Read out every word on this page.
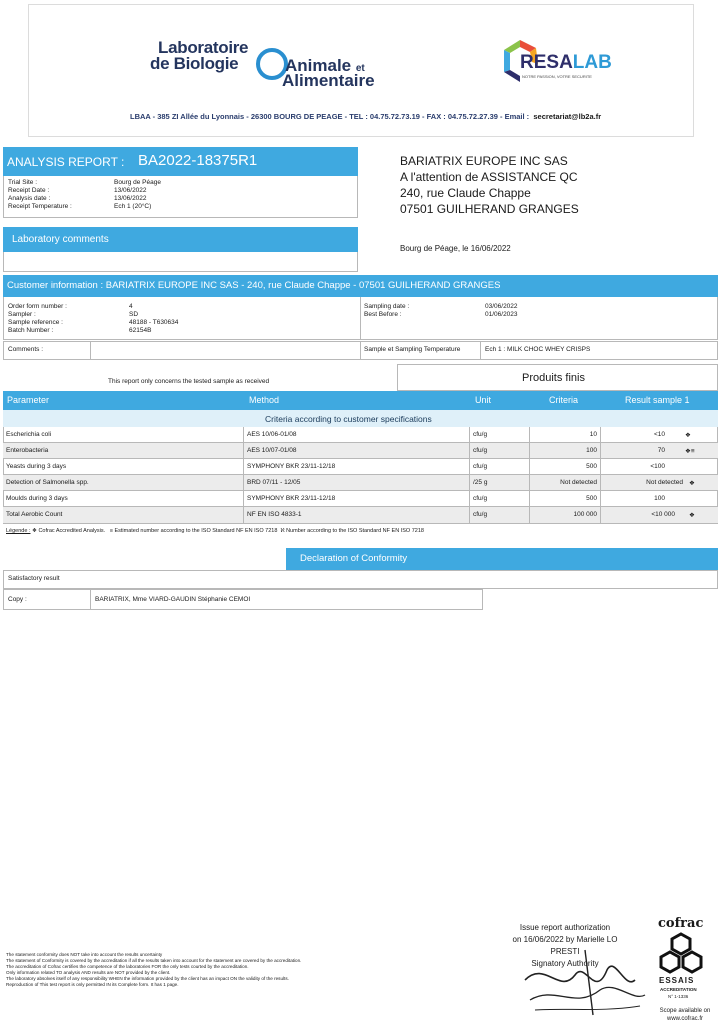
Laboratoire
de Biologie	Animale et
Alimentaire
RESALAB
NOTRE PASSION, VOTRE SECURITE
LBAA - 385 ZI Allée du Lyonnais - 26300 BOURG DE PEAGE - TEL : 04.75.72.73.19 - FAX : 04.75.72.27.39 - Email : secretariat@lb2a.fr
ANALYSIS REPORT : BA2022-18375R1
Trial Site :	Bourg de Péage
Receipt Date :	13/06/2022
Analysis date :	13/06/2022
Receipt Temperature :	Ech 1 (20°C)
BARIATRIX EUROPE INC SAS
A l'attention de ASSISTANCE QC
240, rue Claude Chappe
07501 GUILHERAND GRANGES
Bourg de Péage, le 16/06/2022
Laboratory comments
Customer information : BARIATRIX EUROPE INC SAS - 240, rue Claude Chappe - 07501 GUILHERAND GRANGES
Order form number :	4
Sampler :	SD
Sample reference :	48188 - T630634
Batch Number :	62154B
Sampling date :	03/06/2022
Best Before :	01/06/2023
Comments :	Sample et Sampling Temperature	Ech 1 : MILK CHOC WHEY CRISPS
This report only concerns the tested sample as received	Produits finis
Parameter	Method	Unit	Criteria	Result sample 1
Criteria according to customer specifications
Escherichia coli	AES 10/06-01/08	cfu/g	10	<10	❖
Enterobacteria	AES 10/07-01/08	cfu/g	100	70	❖≡
Yeasts during 3 days	SYMPHONY BKR 23/11-12/18	cfu/g	500	<100
Detection of Salmonella spp.	BRD 07/11 - 12/05	/25 g	Not detected	Not detected ❖
Moulds during 3 days	SYMPHONY BKR 23/11-12/18	cfu/g	500	100
Total Aerobic Count	NF EN ISO 4833-1	cfu/g	100 000	<10 000 ❖
Légende : ❖ Cofrac Accredited Analysis. ≡ Estimated number according to the ISO Standard NF EN ISO 7218 ℵ Number according to the ISO Standard NF EN ISO 7218
Declaration of Conformity
Satisfactory result
Copy :	BARIATRIX, Mme VIARD-GAUDIN Stéphanie CEMOI
Issue report authorization
on 16/06/2022 by Marielle LO
PRESTI
Signatory Authority
cofrac
ESSAIS
ACCREDITATION
N° 1-1336
Scope available on
www.cofrac.fr
The statement conformity does NOT take into account the results uncertainty
The statement of Conformity is covered by the accreditation if all the results taken into account for the statement are covered by the accreditation.
The accreditation of Cofrac certifies the competence of the laboratories FOR the only tests courted by the accreditation.
Only information related TO analysis AND results are NOT provided by the client.
The laboratory absolves itself of any responsibility WHEN the information provided by the client has an impact ON the validity of the results.
Reproduction of This test report is only permitted IN its Complete form. It has 1 page.
